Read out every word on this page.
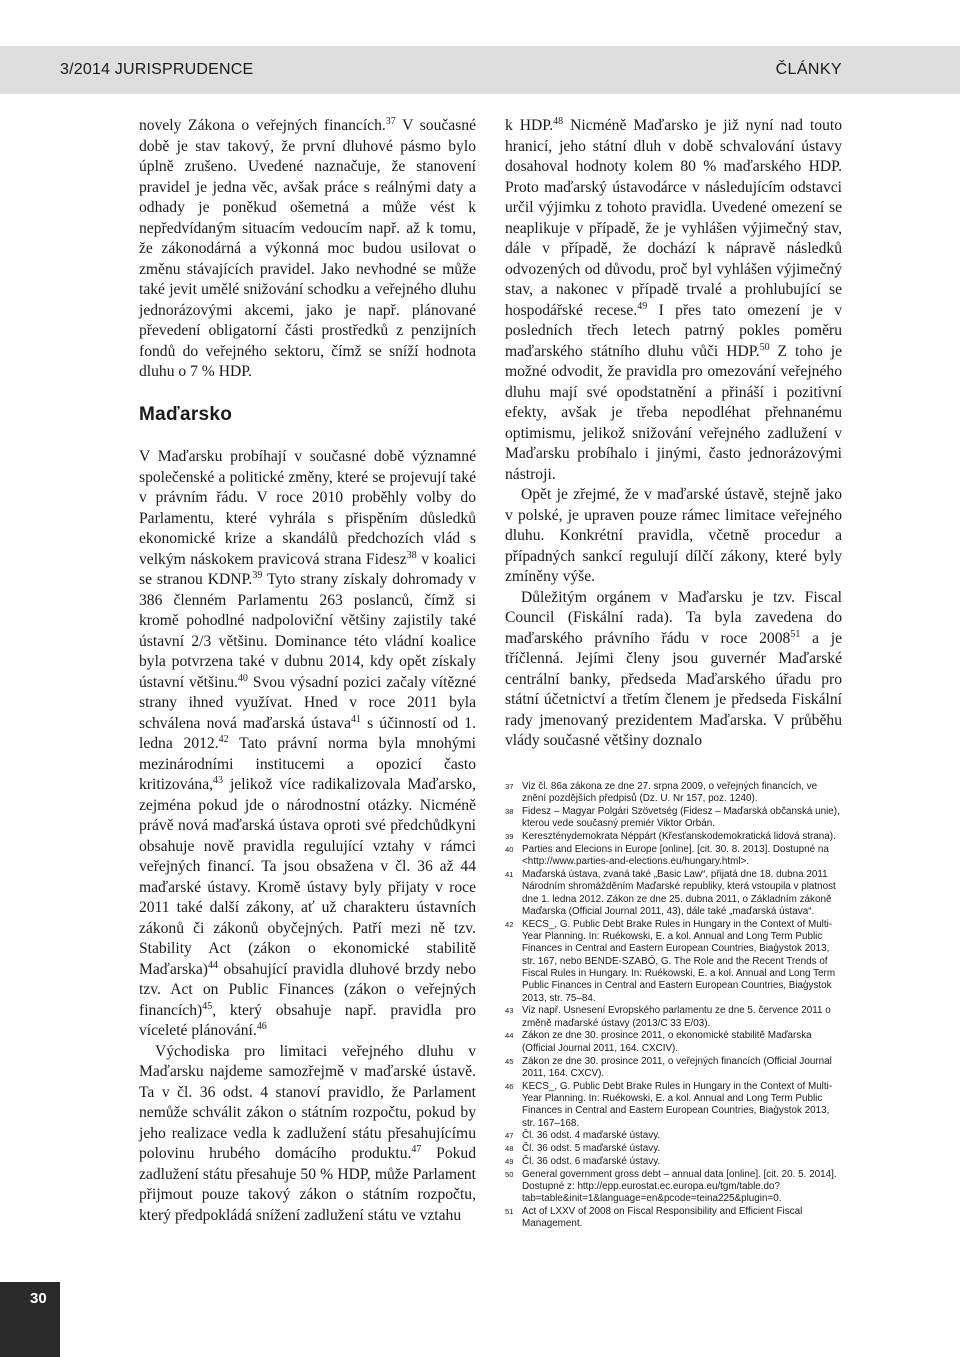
3/2014 JURISPRUDENCE	ČLÁNKY

novely Zákona o veřejných financích.$^{37}$ V současné době je stav takový, že první dluhové pásmo bylo úplně zrušeno. Uvedené naznačuje, že stanovení pravidel je jedna věc, avšak práce s reálnými daty a odhady je poněkud ošemetná a může vést k nepředvídaným situacím vedoucím např. až k tomu, že zákonodárná a výkonná moc budou usilovat o změnu stávajících pravidel. Jako nevhodné se může také jevit umělé snižování schodku a veřejného dluhu jednorázovými akcemi, jako je např. plánované převedení obligatorní části prostředků z penzijních fondů do veřejného sektoru, čímž se sníží hodnota dluhu o 7 % HDP.

Maďarsko

V Maďarsku probíhají v současné době významné společenské a politické změny, které se projevují také v právním řádu. V roce 2010 proběhly volby do Parlamentu, které vyhrála s přispěním důsledků ekonomické krize a skandálů předchozích vlád s velkým náskokem pravicová strana Fidesz$^{38}$ v koalici se stranou KDNP.$^{39}$ Tyto strany získaly dohromady v 386 členném Parlamentu 263 poslanců, čímž si kromě pohodlné nadpoloviční většiny zajistily také ústavní 2/3 většinu. Dominance této vládní koalice byla potvrzena také v dubnu 2014, kdy opět získaly ústavní většinu.$^{40}$ Svou výsadní pozici začaly vítězné strany ihned využívat. Hned v roce 2011 byla schválena nová maďarská ústava$^{41}$ s účinností od 1. ledna 2012.42 Tato právní norma byla mnohými mezinárodními institucemi a opozicí často kritizována,$^{43}$ jelikož více radikalizovala Maďarsko, zejména pokud jde o národnostní otázky. Nicméně právě nová maďarská ústava oproti své předchůdkyni obsahuje nově pravidla regulující vztahy v rámci veřejných financí. Ta jsou obsažena v čl. 36 až 44 maďarské ústavy. Kromě ústavy byly přijaty v roce 2011 také další zákony, ať už charakteru ústavních zákonů či zákonů obyčejných. Patří mezi ně tzv. Stability Act (zákon o ekonomické stabilitě Maďarska)$^{44}$ obsahující pravidla dluhové brzdy nebo tzv. Act on Public Finances (zákon o veřejných financích)$^{45}$, který obsahuje např. pravidla pro víceleté plánování.$^{46}$

Východiska pro limitaci veřejného dluhu v Maďarsku najdeme samozřejmě v maďarské ústavě. Ta v čl. 36 odst. 4 stanoví pravidlo, že Parlament nemůže schválit zákon o státním rozpočtu, pokud by jeho realizace vedla k zadlužení státu přesahujícímu polovinu hrubého domácího produktu.$^{47}$ Pokud zadlužení státu přesahuje 50 % HDP, může Parlament přijmout pouze takový zákon o státním rozpočtu, který předpokládá snížení zadlužení státu ve vztahu

k HDP.$^{48}$ Nicméně Maďarsko je již nyní nad touto hranicí, jeho státní dluh v době schvalování ústavy dosahoval hodnoty kolem 80 % maďarského HDP. Proto maďarský ústavodárce v následujícím odstavci určil výjimku z tohoto pravidla. Uvedené omezení se neaplikuje v případě, že je vyhlášen výjimečný stav, dále v případě, že dochází k nápravě následků odvozených od důvodu, proč byl vyhlášen výjimečný stav, a nakonec v případě trvalé a prohlubující se hospodářské recese.$^{49}$ I přes tato omezení je v posledních třech letech patrný pokles poměru maďarského státního dluhu vůči HDP.$^{50}$ Z toho je možné odvodit, že pravidla pro omezování veřejného dluhu mají své opodstatnění a přináší i pozitivní efekty, avšak je třeba nepodléhat přehnanému optimismu, jelikož snižování veřejného zadlužení v Maďarsku probíhalo i jinými, často jednorázovými nástroji.

Opět je zřejmé, že v maďarské ústavě, stejně jako v polské, je upraven pouze rámec limitace veřejného dluhu. Konkrétní pravidla, včetně procedur a případných sankcí regulují dílčí zákony, které byly zmíněny výše.

Důležitým orgánem v Maďarsku je tzv. Fiscal Council (Fiskální rada). Ta byla zavedena do maďarského právního řádu v roce 2008$^{51}$ a je tříčlenná. Jejími členy jsou guvernér Maďarské centrální banky, předseda Maďarského úřadu pro státní účetnictví a třetím členem je předseda Fiskální rady jmenovaný prezidentem Maďarska. V průběhu vlády současné většiny doznalo

37 Viz čl. 86a zákona ze dne 27. srpna 2009, o veřejných financích, ve znění pozdějších předpisů (Dz. U. Nr 157, poz. 1240).
38 Fidesz – Magyar Polgári Szövetség (Fidesz – Maďarská občanská unie), kterou vede současný premiér Viktor Orbán.
39 Kereszténydemokrata Néppárt (Křesťanskodemokratická lidová strana).
40 Parties and Elecions in Europe [online]. [cit. 30. 8. 2013]. Dostupné na <http://www.parties-and-elections.eu/hungary.html>.
41 Maďarská ústava, zvaná také „Basic Law“, přijatá dne 18. dubna 2011 Národním shromážděním Maďarské republiky, která vstoupila v platnost dne 1. ledna 2012. Zákon ze dne 25. dubna 2011, o Základním zákoně Maďarska (Official Journal 2011, 43), dále také „maďarská ústava“.
42 KECS_, G. Public Debt Brake Rules in Hungary in the Context of Multi-Year Planning. In: Ruékowski, E. a kol. Annual and Long Term Public Finances in Central and Eastern European Countries, Biaģystok 2013, str. 167, nebo BENDE-SZABÓ, G. The Role and the Recent Trends of Fiscal Rules in Hungary. In: Ruékowski, E. a kol. Annual and Long Term Public Finances in Central and Eastern European Countries, Biaģystok 2013, str. 75–84.
43 Viz např. Usnesení Evropského parlamentu ze dne 5. července 2011 o změně maďarské ústavy (2013/C 33 E/03).
44 Zákon ze dne 30. prosince 2011, o ekonomické stabilitě Maďarska (Official Journal 2011, 164. CXCIV).
45 Zákon ze dne 30. prosince 2011, o veřejných financích (Official Journal 2011, 164. CXCV).
46 KECS_, G. Public Debt Brake Rules in Hungary in the Context of Multi-Year Planning. In: Ruékowski, E. a kol. Annual and Long Term Public Finances in Central and Eastern European Countries, Biaģystok 2013, str. 167–168.
47 Čl. 36 odst. 4 maďarské ústavy.
48 Čl. 36 odst. 5 maďarské ústavy.
49 Čl. 36 odst. 6 maďarské ústavy.
50 General government gross debt – annual data [online]. [cit. 20. 5. 2014]. Dostupné z: http://epp.eurostat.ec.europa.eu/tgm/table.do?tab=table&init=1&language=en&pcode=teina225&plugin=0.
51 Act of LXXV of 2008 on Fiscal Responsibility and Efficient Fiscal Management.
30
